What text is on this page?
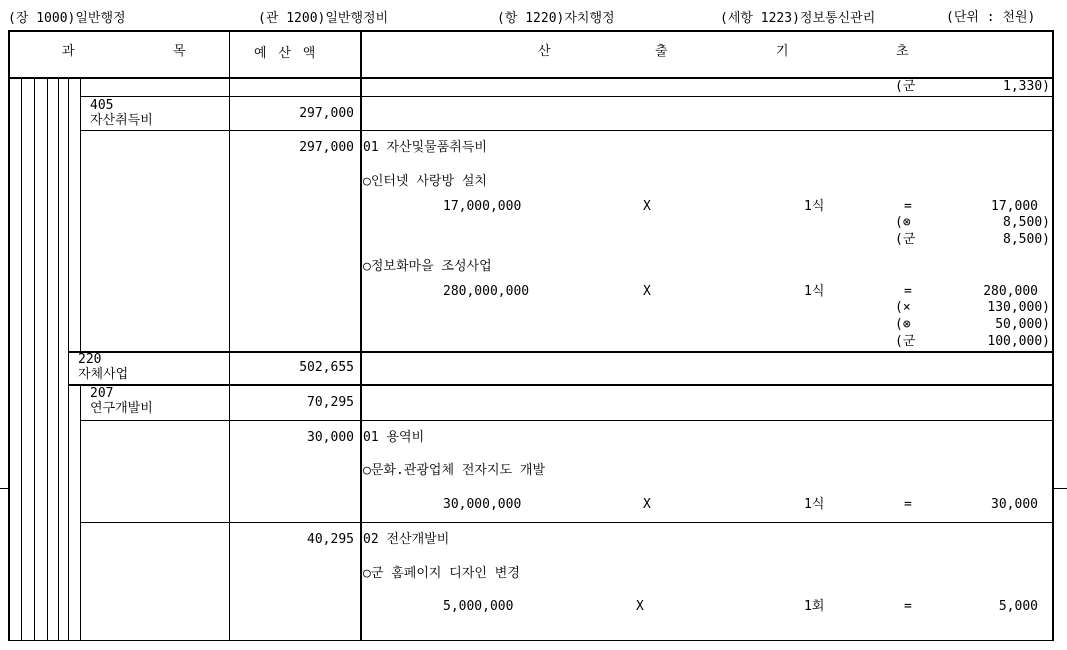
(장 1000)일반행정	(관 1200)일반행정비	(항 1220)자치행정	(세항 1223)정보통신관리	(단위 : 천원)
과	목	예 산 액	산	출	기	초
(군	1,330)
405
자산취득비	297,000
297,000 01 자산및물품취득비
○인터넷 사랑방 설치
17,000,000	X	1식	=	17,000
(⊗	8,500)
(군	8,500)
○정보화마을 조성사업
280,000,000	X	1식	=	280,000
(×	130,000)
(⊗	50,000)
(군	100,000)
220
자체사업	502,655
207
연구개발비	70,295
30,000 01 용역비
○문화.관광업체 전자지도 개발
30,000,000	X	1식	=	30,000
40,295 02 전산개발비
○군 홈페이지 디자인 변경
5,000,000	X	1회	=	5,000
